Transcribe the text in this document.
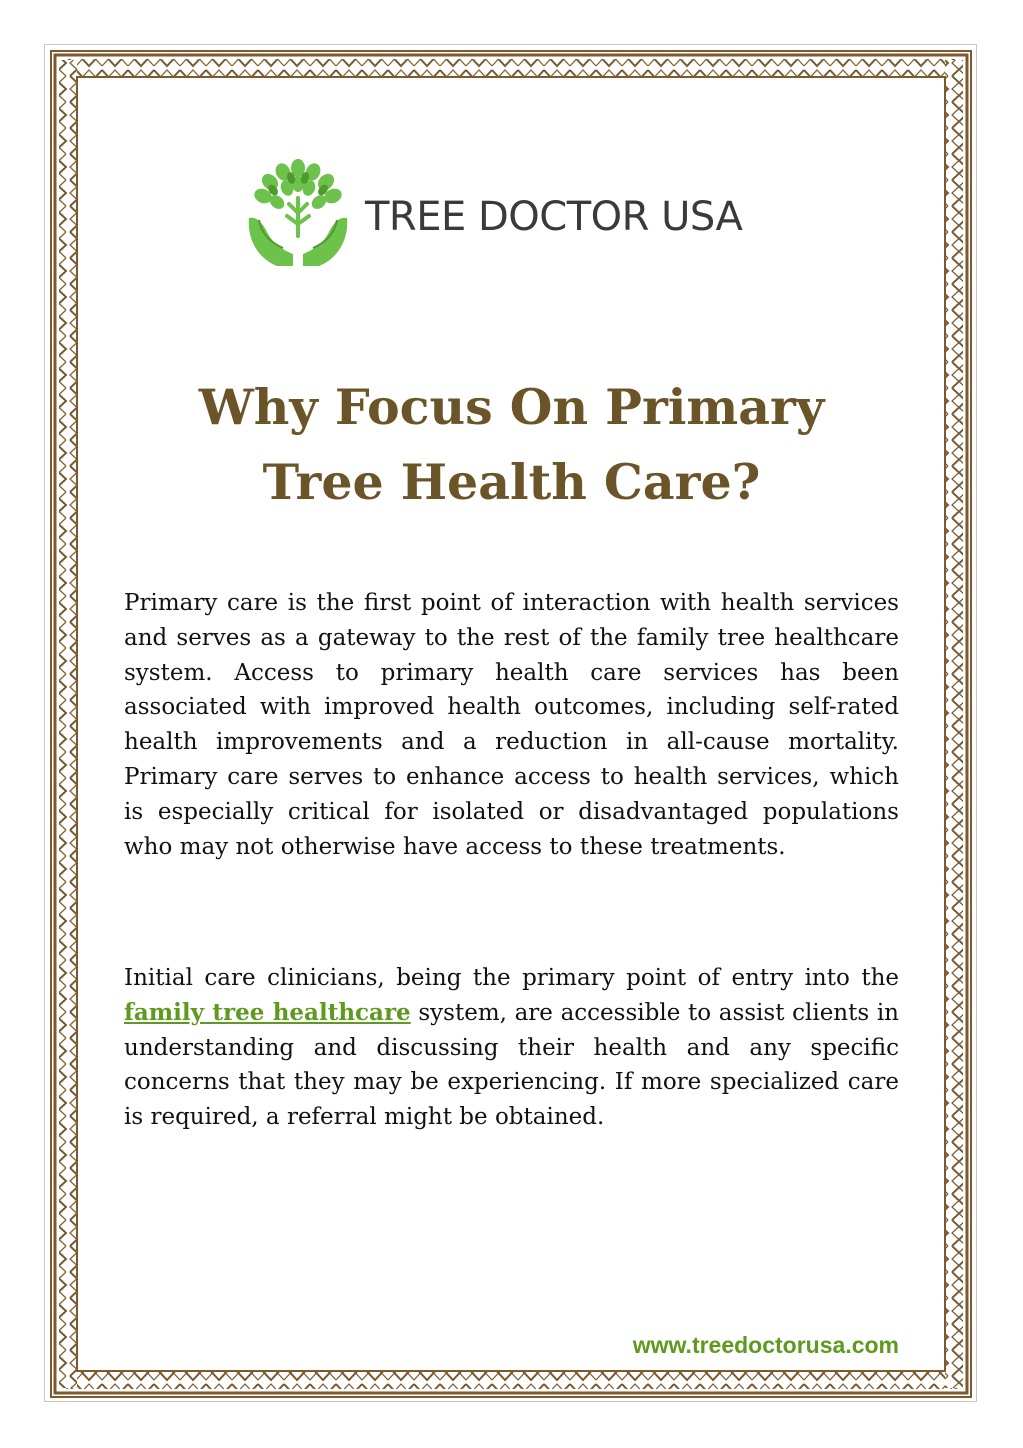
TREE DOCTOR USA
Why Focus On Primary
Tree Health Care?

Primary care is the first point of interaction with health services and serves as a gateway to the rest of the family tree healthcare system. Access to primary health care services has been associated with improved health outcomes, including self-rated health improvements and a reduction in all-cause mortality. Primary care serves to enhance access to health services, which is especially critical for isolated or disadvantaged populations who may not otherwise have access to these treatments.

Initial care clinicians, being the primary point of entry into the family tree healthcare system, are accessible to assist clients in understanding and discussing their health and any specific concerns that they may be experiencing. If more specialized care is required, a referral might be obtained.

www.treedoctorusa.com
